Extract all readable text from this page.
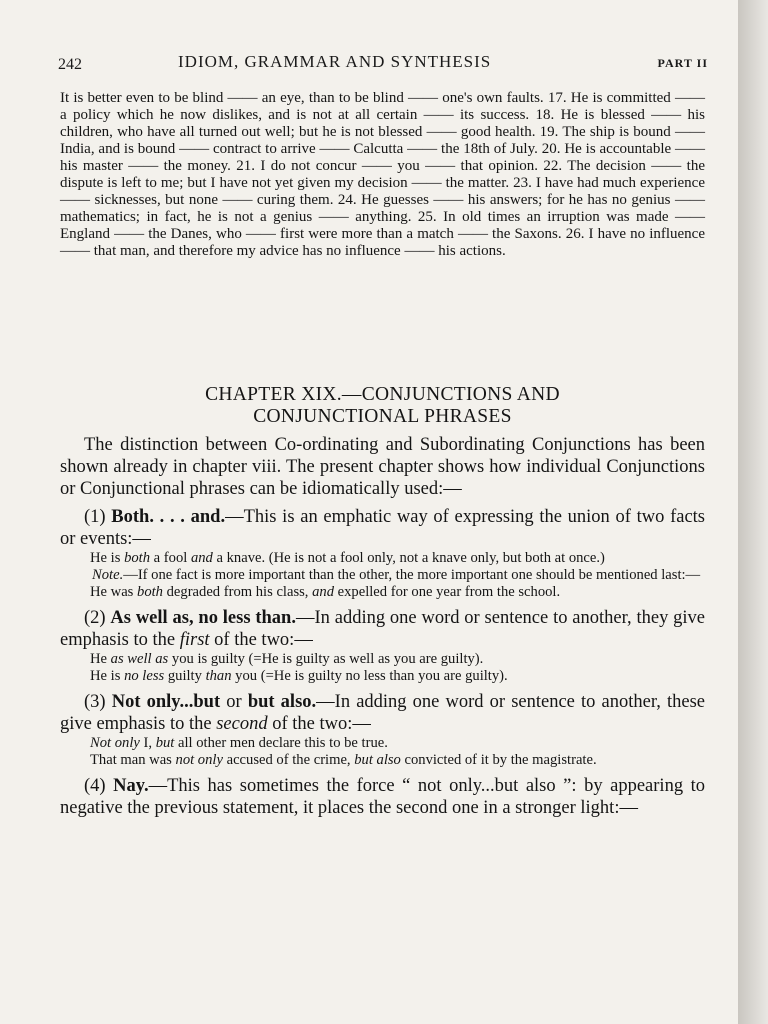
242	IDIOM, GRAMMAR AND SYNTHESIS	PART II

It is better even to be blind —— an eye, than to be blind —— one's own faults. 17. He is committed —— a policy which he now dislikes, and is not at all certain —— its success. 18. He is blessed —— his children, who have all turned out well; but he is not blessed —— good health. 19. The ship is bound —— India, and is bound —— contract to arrive —— Calcutta —— the 18th of July. 20. He is accountable —— his master —— the money. 21. I do not concur —— you —— that opinion. 22. The decision —— the dispute is left to me; but I have not yet given my decision —— the matter. 23. I have had much experience —— sicknesses, but none —— curing them. 24. He guesses —— his answers; for he has no genius —— mathematics; in fact, he is not a genius —— anything. 25. In old times an irruption was made —— England —— the Danes, who —— first were more than a match —— the Saxons. 26. I have no influence —— that man, and therefore my advice has no influence —— his actions.

CHAPTER XIX.—CONJUNCTIONS AND

CONJUNCTIONAL PHRASES

The distinction between Co-ordinating and Subordinating Conjunctions has been shown already in chapter viii. The present chapter shows how individual Conjunctions or Conjunctional phrases can be idiomatically used:—

(1) Both. . . . and.—This is an emphatic way of expressing the union of two facts or events:—

He is both a fool and a knave. (He is not a fool only, not a knave only, but both at once.)

Note.—If one fact is more important than the other, the more important one should be mentioned last:—

He was both degraded from his class, and expelled for one year from the school.

(2) As well as, no less than.—In adding one word or sentence to another, they give emphasis to the first of the two:—

He as well as you is guilty (=He is guilty as well as you are guilty).

He is no less guilty than you (=He is guilty no less than you are guilty).

(3) Not only...but or but also.—In adding one word or sentence to another, these give emphasis to the second of the two:—

Not only I, but all other men declare this to be true.

That man was not only accused of the crime, but also convicted of it by the magistrate.

(4) Nay.—This has sometimes the force “ not only...but also ”: by appearing to negative the previous statement, it places the second one in a stronger light:—
